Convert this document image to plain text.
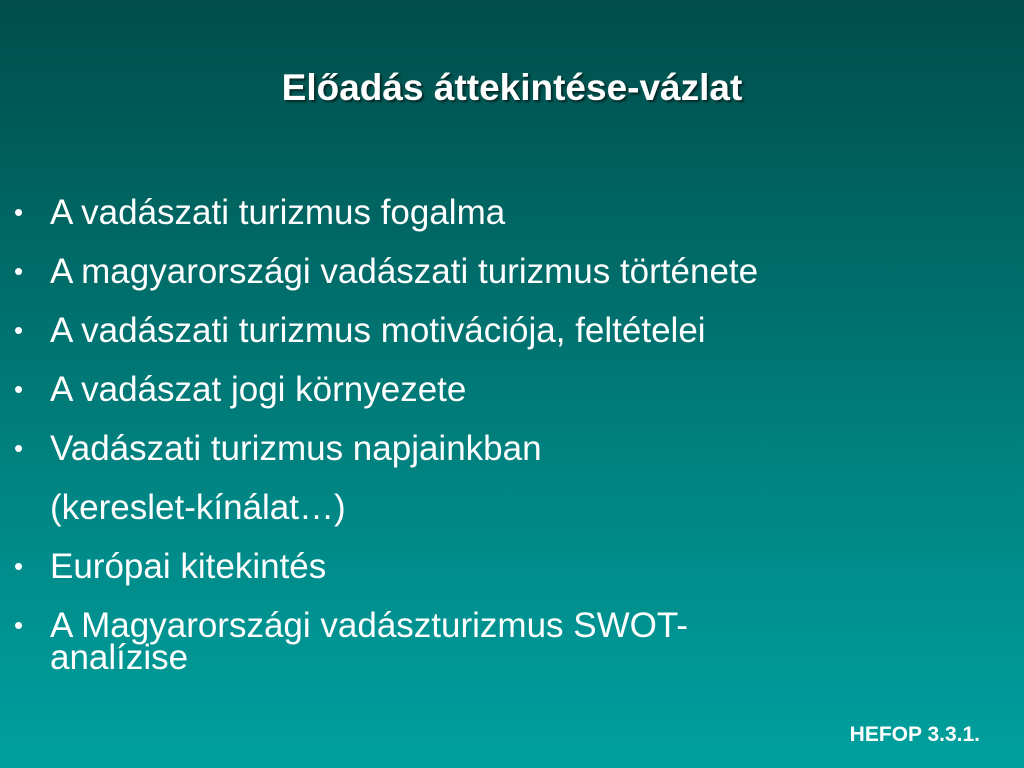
Előadás áttekintése-vázlat
• A vadászati turizmus fogalma
• A magyarországi vadászati turizmus története
• A vadászati turizmus motivációja, feltételei
• A vadászat jogi környezete
• Vadászati turizmus napjainkban
(kereslet-kínálat…)
• Európai kitekintés
• A Magyarországi vadászturizmus SWOT-
analízise
HEFOP 3.3.1.
